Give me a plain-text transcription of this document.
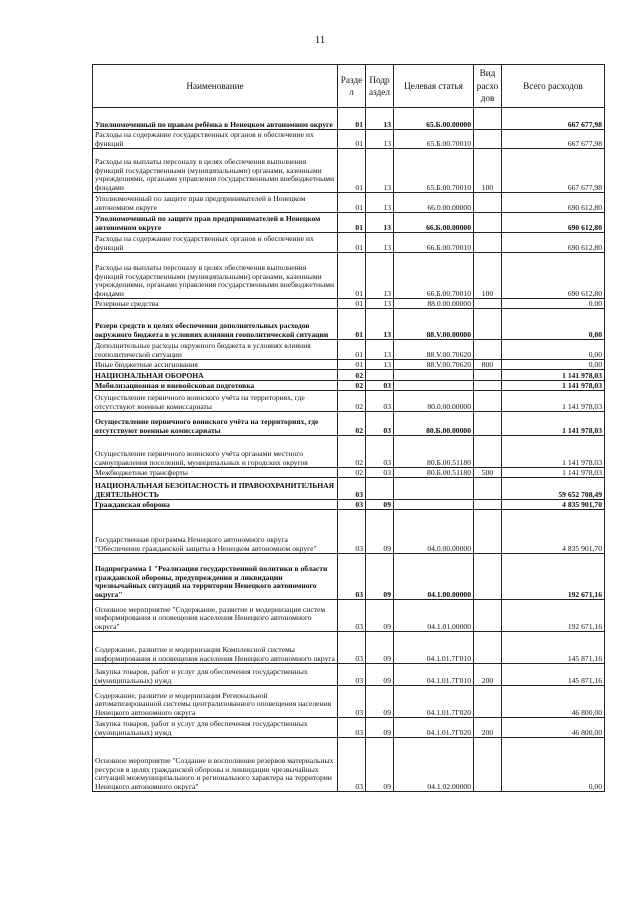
11
Наименование	Разде л	Подр аздел	Целевая статья	Вид расхо дов	Всего расходов
Уполномоченный по правам ребёнка в Ненецком автономном округе	01	13	65.Б.00.00000		667 677,98
Расходы на содержание государственных органов и обеспечение их функций	01	13	65.Б.00.70010		667 677,98
Расходы на выплаты персоналу в целях обеспечения выполнения функций государственными (муниципальными) органами, казенными учреждениями, органами управления государственными внебюджетными фондами	01	13	65.Б.00.70010	100	667 677,98
Уполномоченный по защите прав предпринимателей в Ненецком автономном округе	01	13	66.0.00.00000		690 612,80
Уполномоченный по защите прав предпринимателей в Ненецком автономном округе	01	13	66.Б.00.00000		690 612,80
Расходы на содержание государственных органов и обеспечение их функций	01	13	66.Б.00.70010		690 612,80
Расходы на выплаты персоналу в целях обеспечения выполнения функций государственными (муниципальными) органами, казенными учреждениями, органами управления государственными внебюджетными фондами	01	13	66.Б.00.70010	100	690 612,80
Резервные средства	01	13	88.0.00.00000		0,00
Резерв средств в целях обеспечения дополнительных расходов окружного бюджета в условиях влияния геополитической ситуации	01	13	88.V.00.00000		0,00
Дополнительные расходы окружного бюджета в условиях влияния геополитической ситуации	01	13	88.V.00.70620		0,00
Иные бюджетные ассигнования	01	13	88.V.00.70620	800	0,00
НАЦИОНАЛЬНАЯ ОБОРОНА	02				1 141 978,03
Мобилизационная и вневойсковая подготовка	02	03			1 141 978,03
Осуществление первичного воинского учёта на территориях, где отсутствуют военные комиссариаты	02	03	80.0.00.00000		1 141 978,03
Осуществление первичного воинского учёта на территориях, где отсутствуют военные комиссариаты	02	03	80.Б.00.00000		1 141 978,03
Осуществление первичного воинского учёта органами местного самоуправления поселений, муниципальных и городских округов	02	03	80.Б.00.51180		1 141 978,03
Межбюджетные трансферты	02	03	80.Б.00.51180	500	1 141 978,03
НАЦИОНАЛЬНАЯ БЕЗОПАСНОСТЬ И ПРАВООХРАНИТЕЛЬНАЯ ДЕЯТЕЛЬНОСТЬ	03				59 652 708,49
Гражданская оборона	03	09			4 835 901,70
Государственная программа Ненецкого автономного округа "Обеспечение гражданской защиты в Ненецком автономном округе"	03	09	04.0.00.00000		4 835 901,70
Подпрограмма 1 "Реализация государственной политики в области гражданской обороны, предупреждения и ликвидации чрезвычайных ситуаций на территории Ненецкого автономного округа"	03	09	04.1.00.00000		192 671,16
Основное мероприятие "Содержание, развитие и модернизация систем информирования и оповещения населения Ненецкого автономного округа"	03	09	04.1.01.00000		192 671,16
Содержание, развитие и модернизация Комплексной системы информирования и оповещения населения Ненецкого автономного округа	03	09	04.1.01.7Г010		145 871,16
Закупка товаров, работ и услуг для обеспечения государственных (муниципальных) нужд	03	09	04.1.01.7Г010	200	145 871,16
Содержание, развитие и модернизация Региональной автоматизированной системы централизованного оповещения населения Ненецкого автономного округа	03	09	04.1.01.7Г020		46 800,00
Закупка товаров, работ и услуг для обеспечения государственных (муниципальных) нужд	03	09	04.1.01.7Г020	200	46 800,00
Основное мероприятие "Создание и восполнение резервов материальных ресурсов в целях гражданской обороны и ликвидации чрезвычайных ситуаций межмуниципального и регионального характера на территории Ненецкого автономного округа"	03	09	04.1.02.00000		0,00
